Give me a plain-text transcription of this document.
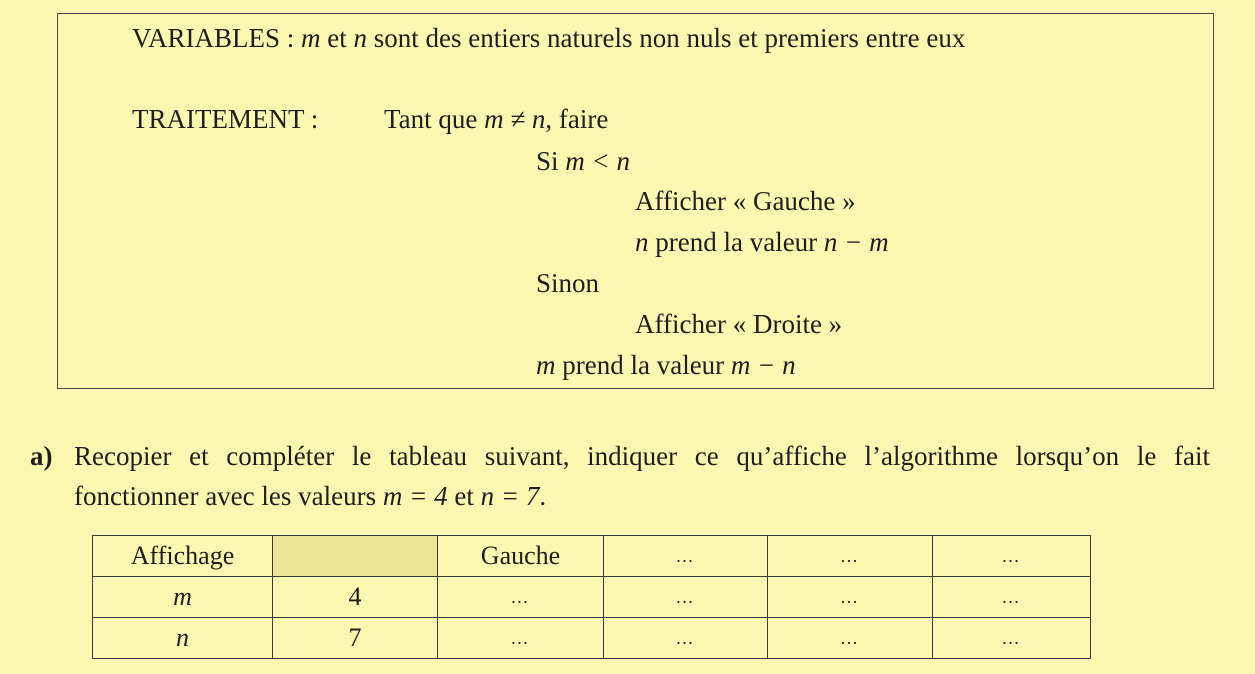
VARIABLES : m et n sont des entiers naturels non nuls et premiers entre eux
TRAITEMENT : Tant que m ≠ n, faire
Si m < n
Afficher « Gauche »
n prend la valeur n − m
Sinon
Afficher « Droite »
m prend la valeur m − n
a) Recopier et compléter le tableau suivant, indiquer ce qu’affiche l’algorithme lorsqu’on le fait fonctionner avec les valeurs m = 4 et n = 7.
Affichage		Gauche	…	…	…
m	4	…	…	…	…
n	7	…	…	…	…
